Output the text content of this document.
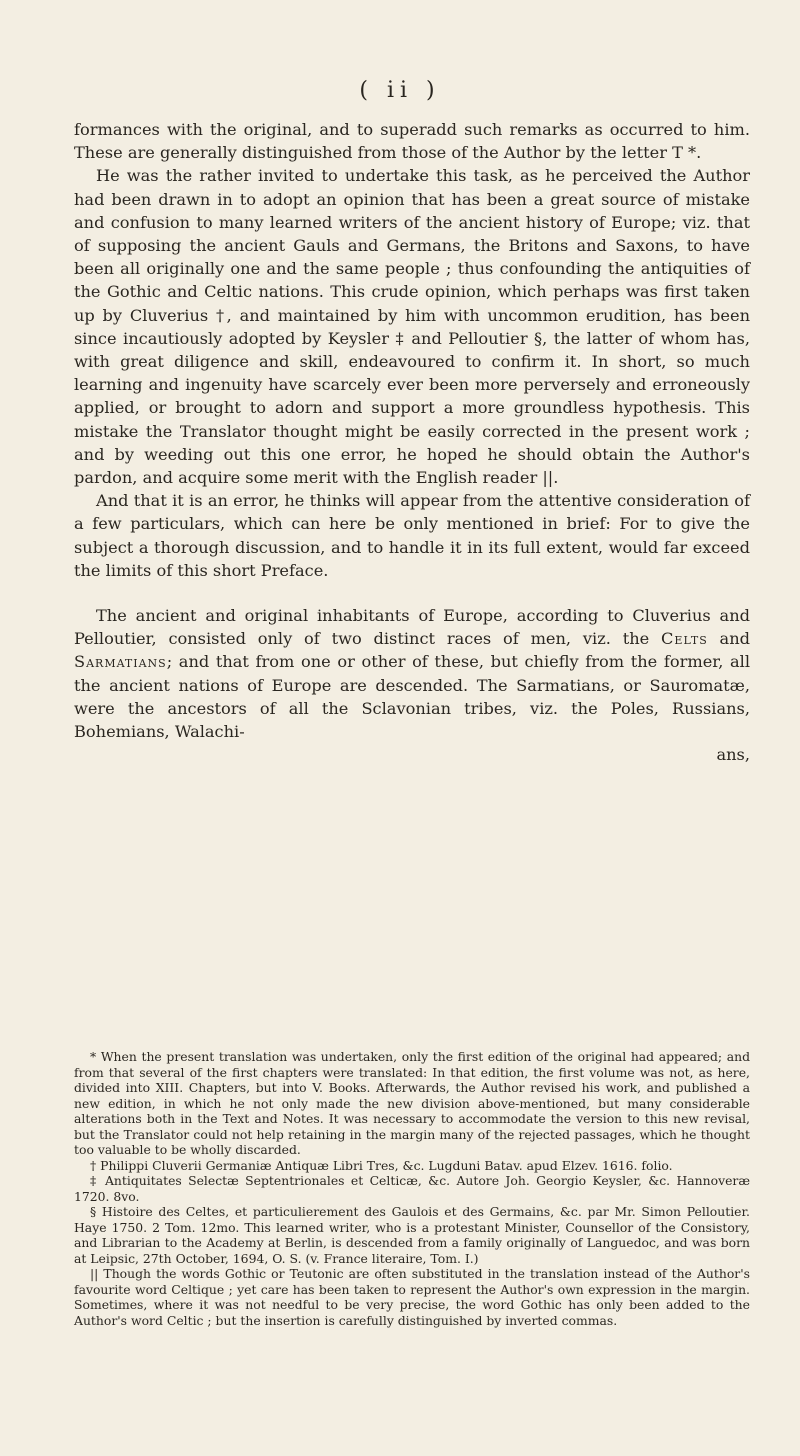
( ii )

formances with the original, and to superadd such remarks as occurred to him. These are generally distinguished from those of the Author by the letter T *.

He was the rather invited to undertake this task, as he perceived the Author had been drawn in to adopt an opinion that has been a great source of mistake and confusion to many learned writers of the ancient history of Europe; viz. that of supposing the ancient Gauls and Germans, the Britons and Saxons, to have been all originally one and the same people ; thus confounding the antiquities of the Gothic and Celtic nations. This crude opinion, which perhaps was first taken up by Cluverius †, and maintained by him with uncommon erudition, has been since incautiously adopted by Keysler ‡ and Pelloutier §, the latter of whom has, with great diligence and skill, endeavoured to confirm it. In short, so much learning and ingenuity have scarcely ever been more perversely and erroneously applied, or brought to adorn and support a more groundless hypothesis. This mistake the Translator thought might be easily corrected in the present work ; and by weeding out this one error, he hoped he should obtain the Author's pardon, and acquire some merit with the English reader ||.

And that it is an error, he thinks will appear from the attentive consideration of a few particulars, which can here be only mentioned in brief: For to give the subject a thorough discussion, and to handle it in its full extent, would far exceed the limits of this short Preface.

The ancient and original inhabitants of Europe, according to Cluverius and Pelloutier, consisted only of two distinct races of men, viz. the Celts and Sarmatians; and that from one or other of these, but chiefly from the former, all the ancient nations of Europe are descended. The Sarmatians, or Sauromatæ, were the ancestors of all the Sclavonian tribes, viz. the Poles, Russians, Bohemians, Walachi-

ans,

* When the present translation was undertaken, only the first edition of the original had appeared; and from that several of the first chapters were translated: In that edition, the first volume was not, as here, divided into XIII. Chapters, but into V. Books. Afterwards, the Author revised his work, and published a new edition, in which he not only made the new division above-mentioned, but many considerable alterations both in the Text and Notes. It was necessary to accommodate the version to this new revisal, but the Translator could not help retaining in the margin many of the rejected passages, which he thought too valuable to be wholly discarded.

† Philippi Cluverii Germaniæ Antiquæ Libri Tres, &c. Lugduni Batav. apud Elzev. 1616. folio.

‡ Antiquitates Selectæ Septentrionales et Celticæ, &c. Autore Joh. Georgio Keysler, &c. Hannoveræ 1720. 8vo.

§ Histoire des Celtes, et particulierement des Gaulois et des Germains, &c. par Mr. Simon Pelloutier. Haye 1750. 2 Tom. 12mo. This learned writer, who is a protestant Minister, Counsellor of the Consistory, and Librarian to the Academy at Berlin, is descended from a family originally of Languedoc, and was born at Leipsic, 27th October, 1694, O. S. (v. France literaire, Tom. I.)

|| Though the words Gothic or Teutonic are often substituted in the translation instead of the Author's favourite word Celtique ; yet care has been taken to represent the Author's own expression in the margin. Sometimes, where it was not needful to be very precise, the word Gothic has only been added to the Author's word Celtic ; but the insertion is carefully distinguished by inverted commas.
